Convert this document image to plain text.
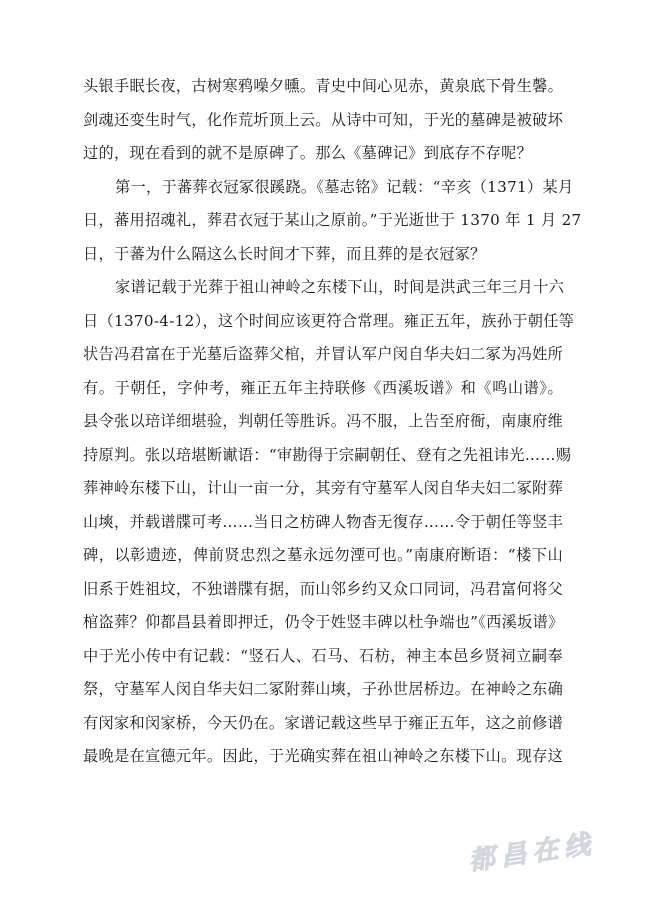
头银手眠长夜，古树寒鸦噪夕曛。青史中间心见赤，黄泉底下骨生馨。
剑魂还变生时气，化作荒圻顶上云。从诗中可知，于光的墓碑是被破坏
过的，现在看到的就不是原碑了。那么《墓碑记》到底存不存呢？
第一，于蕃葬衣冠冢很蹊跷。《墓志铭》记载：“辛亥（1371）某月
日，蕃用招魂礼，葬君衣冠于某山之原前。”于光逝世于 1370 年 1 月 27
日，于蕃为什么隔这么长时间才下葬，而且葬的是衣冠冢？
家谱记载于光葬于祖山神岭之东楼下山，时间是洪武三年三月十六
日（1370-4-12），这个时间应该更符合常理。雍正五年，族孙于朝任等
状告冯君富在于光墓后盗葬父棺，并冒认军户闵自华夫妇二冢为冯姓所
有。于朝任，字仲考，雍正五年主持联修《西溪坂谱》和《鸣山谱》。
县令张以琣详细堪验，判朝任等胜诉。冯不服，上告至府衙，南康府维
持原判。张以琣堪断谳语：“审勘得于宗嗣朝任、登有之先祖讳光……赐
葬神岭东楼下山，计山一亩一分，其旁有守墓军人闵自华夫妇二冢附葬
山塽，并载谱牒可考……当日之枋碑人物杳无復存……令于朝任等竖丰
碑，以彰遗迹，俾前贤忠烈之墓永远勿湮可也。”南康府断语：“楼下山
旧系于姓祖坟，不独谱牒有据，而山邻乡约又众口同词，冯君富何将父
棺盗葬？仰都昌县着即押迁，仍令于姓竖丰碑以杜争端也”《西溪坂谱》
中于光小传中有记载：“竖石人、石马、石枋，神主本邑乡贤祠立嗣奉
祭，守墓军人闵自华夫妇二冢附葬山塽，子孙世居桥边。在神岭之东确
有闵家和闵家桥，今天仍在。家谱记载这些早于雍正五年，这之前修谱
最晚是在宣德元年。因此，于光确实葬在祖山神岭之东楼下山。现存这
都昌在线
